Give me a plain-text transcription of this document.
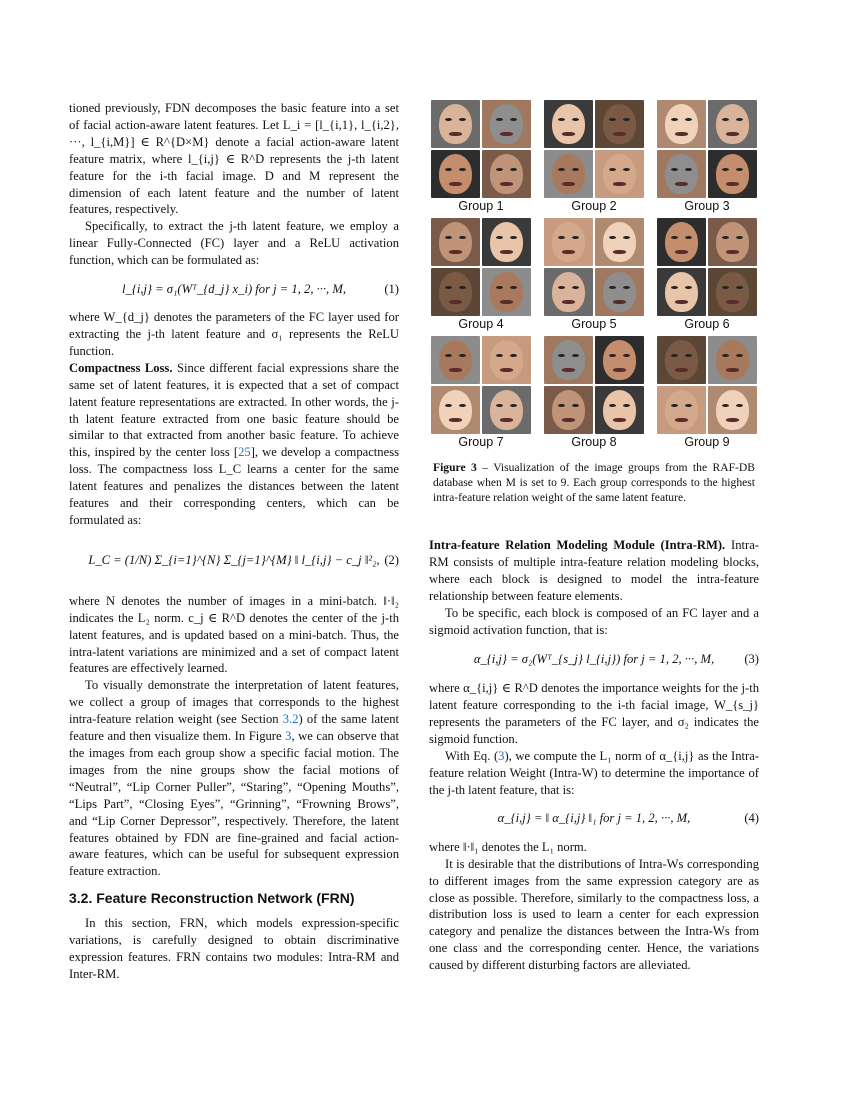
tioned previously, FDN decomposes the basic feature into a set of facial action-aware latent features. Let L_i = [l_{i,1}, l_{i,2}, ···, l_{i,M}] ∈ R^{D×M} denote a facial action-aware latent feature matrix, where l_{i,j} ∈ R^D represents the j-th latent feature for the i-th facial image. D and M represent the dimension of each latent feature and the number of latent features, respectively.

Specifically, to extract the j-th latent feature, we employ a linear Fully-Connected (FC) layer and a ReLU activation function, which can be formulated as:

l_{i,j} = σ₁(Wᵀ_{d_j} x_i) for j = 1, 2, ···, M,	(1)

where W_{d_j} denotes the parameters of the FC layer used for extracting the j-th latent feature and σ₁ represents the ReLU function.

Compactness Loss. Since different facial expressions share the same set of latent features, it is expected that a set of compact latent feature representations are extracted. In other words, the j-th latent feature extracted from one basic feature should be similar to that extracted from another basic feature. To achieve this, inspired by the center loss [25], we develop a compactness loss. The compactness loss L_C learns a center for the same latent features and penalizes the distances between the latent features and their corresponding centers, which can be formulated as:

L_C = (1/N) Σ_{i=1}^{N} Σ_{j=1}^{M} ‖ l_{i,j} − c_j ‖²₂, (2)

where N denotes the number of images in a mini-batch. ‖·‖₂ indicates the L₂ norm. c_j ∈ R^D denotes the center of the j-th latent features, and is updated based on a mini-batch. Thus, the intra-latent variations are minimized and a set of compact latent features are effectively learned.

To visually demonstrate the interpretation of latent features, we collect a group of images that corresponds to the highest intra-feature relation weight (see Section 3.2) of the same latent feature and then visualize them. In Figure 3, we can observe that the images from each group show a specific facial motion. The images from the nine groups show the facial motions of “Neutral”, “Lip Corner Puller”, “Staring”, “Opening Mouths”, “Lips Part”, “Closing Eyes”, “Grinning”, “Frowning Brows”, and “Lip Corner Depressor”, respectively. Therefore, the latent features obtained by FDN are fine-grained and facial action-aware features, which can be useful for subsequent expression feature extraction.

3.2. Feature Reconstruction Network (FRN)

In this section, FRN, which models expression-specific variations, is carefully designed to obtain discriminative expression features. FRN contains two modules: Intra-RM and Inter-RM.

Group 1	Group 2	Group 3
Group 4	Group 5	Group 6
Group 7	Group 8	Group 9

Figure 3 – Visualization of the image groups from the RAF-DB database when M is set to 9. Each group corresponds to the highest intra-feature relation weight of the same latent feature.

Intra-feature Relation Modeling Module (Intra-RM). Intra-RM consists of multiple intra-feature relation modeling blocks, where each block is designed to model the intra-feature relationship between feature elements.

To be specific, each block is composed of an FC layer and a sigmoid activation function, that is:

α_{i,j} = σ₂(Wᵀ_{s_j} l_{i,j}) for j = 1, 2, ···, M, (3)

where α_{i,j} ∈ R^D denotes the importance weights for the j-th latent feature corresponding to the i-th facial image, W_{s_j} represents the parameters of the FC layer, and σ₂ indicates the sigmoid function.

With Eq. (3), we compute the L₁ norm of α_{i,j} as the Intra-feature relation Weight (Intra-W) to determine the importance of the j-th latent feature, that is:

α_{i,j} = ‖ α_{i,j} ‖₁ for j = 1, 2, ···, M,	(4)

where ‖·‖₁ denotes the L₁ norm.

It is desirable that the distributions of Intra-Ws corresponding to different images from the same expression category are as close as possible. Therefore, similarly to the compactness loss, a distribution loss is used to learn a center for each expression category and penalize the distances between the Intra-Ws from one class and the corresponding center. Hence, the variations caused by different disturbing factors are alleviated.
